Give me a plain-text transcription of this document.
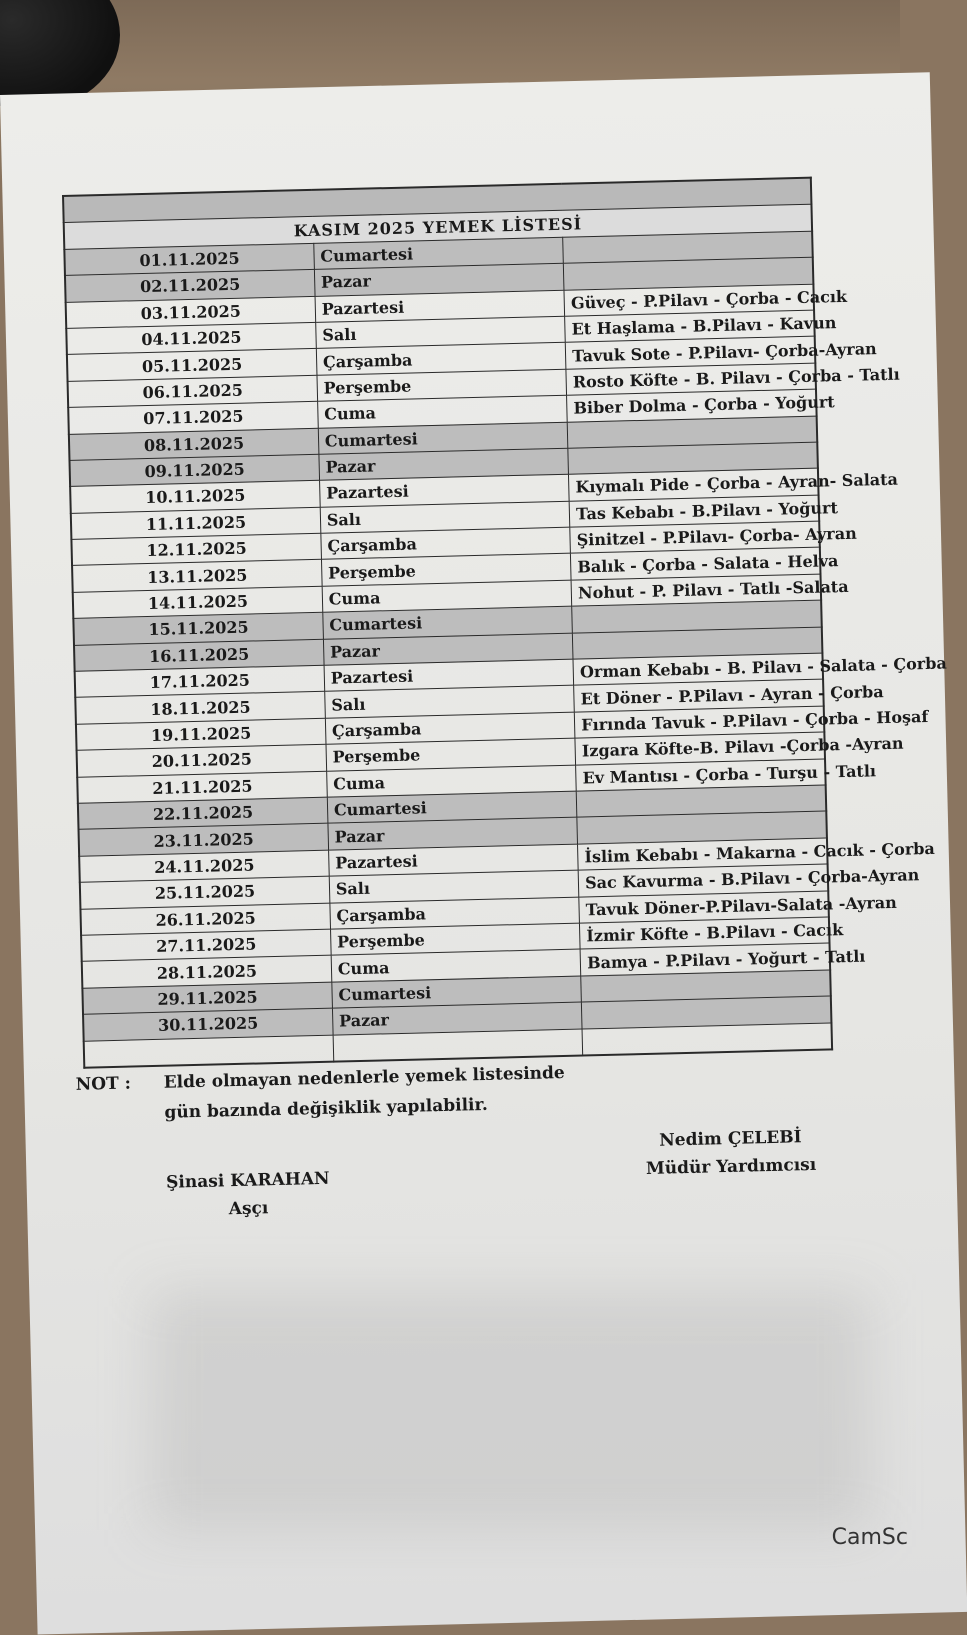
KASIM 2025 YEMEK LİSTESİ		
01.11.2025	Cumartesi	
02.11.2025	Pazar	
03.11.2025	Pazartesi	Güveç - P.Pilavı - Çorba - Cacık
04.11.2025	Salı	Et Haşlama - B.Pilavı - Kavun
05.11.2025	Çarşamba	Tavuk Sote - P.Pilavı- Çorba-Ayran
06.11.2025	Perşembe	Rosto Köfte - B. Pilavı - Çorba - Tatlı
07.11.2025	Cuma	Biber Dolma - Çorba - Yoğurt
08.11.2025	Cumartesi	
09.11.2025	Pazar	
10.11.2025	Pazartesi	Kıymalı Pide - Çorba - Ayran- Salata
11.11.2025	Salı	Tas Kebabı - B.Pilavı - Yoğurt
12.11.2025	Çarşamba	Şinitzel - P.Pilavı- Çorba- Ayran
13.11.2025	Perşembe	Balık - Çorba - Salata - Helva
14.11.2025	Cuma	Nohut - P. Pilavı - Tatlı -Salata
15.11.2025	Cumartesi	
16.11.2025	Pazar	
17.11.2025	Pazartesi	Orman Kebabı - B. Pilavı - Salata - Çorba
18.11.2025	Salı	Et Döner - P.Pilavı - Ayran - Çorba
19.11.2025	Çarşamba	Fırında Tavuk - P.Pilavı - Çorba - Hoşaf
20.11.2025	Perşembe	Izgara Köfte-B. Pilavı -Çorba -Ayran
21.11.2025	Cuma	Ev Mantısı - Çorba - Turşu - Tatlı
22.11.2025	Cumartesi	
23.11.2025	Pazar	
24.11.2025	Pazartesi	İslim Kebabı - Makarna - Cacık - Çorba
25.11.2025	Salı	Sac Kavurma - B.Pilavı - Çorba-Ayran
26.11.2025	Çarşamba	Tavuk Döner-P.Pilavı-Salata -Ayran
27.11.2025	Perşembe	İzmir Köfte - B.Pilavı - Cacık
28.11.2025	Cuma	Bamya - P.Pilavı - Yoğurt - Tatlı
29.11.2025	Cumartesi	
30.11.2025	Pazar	

NOT : Elde olmayan nedenlerle yemek listesinde
gün bazında değişiklik yapılabilir.
Şinasi KARAHAN
Aşçı
Nedim ÇELEBİ
Müdür Yardımcısı
CamSc
